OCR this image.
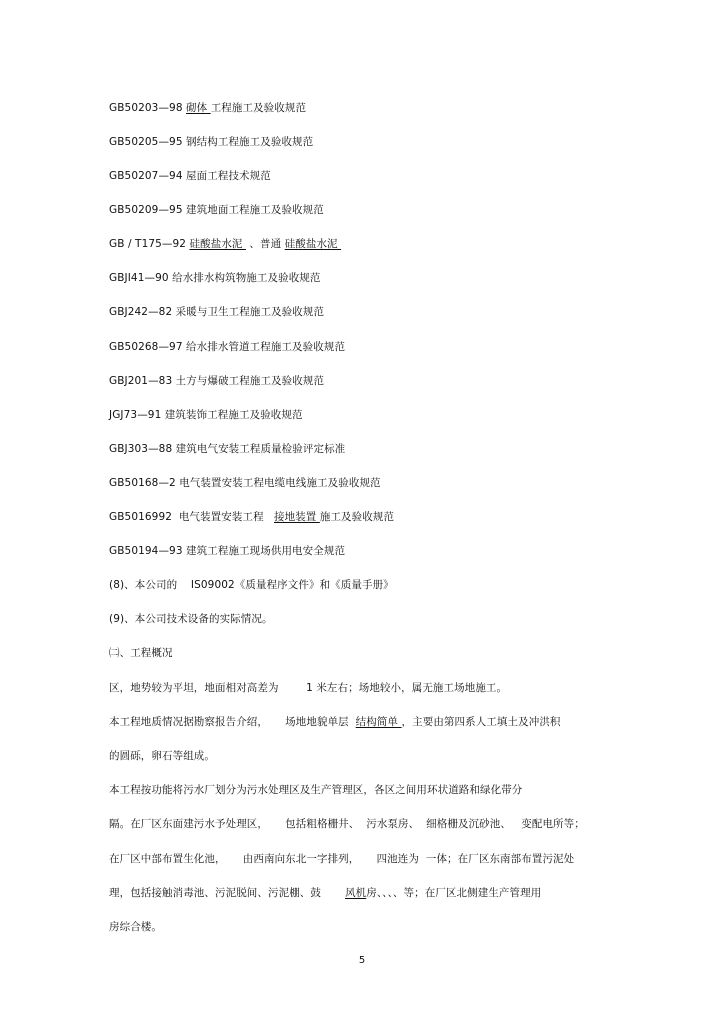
GB50203—98 砌体 工程施工及验收规范
GB50205—95 钢结构工程施工及验收规范
GB50207—94 屋面工程技术规范
GB50209—95 建筑地面工程施工及验收规范
GB / T175—92 硅酸盐水泥  、普通 硅酸盐水泥
GBJI41—90 给水排水构筑物施工及验收规范
GBJ242—82 采暖与卫生工程施工及验收规范
GB50268—97 给水排水管道工程施工及验收规范
GBJ201—83 土方与爆破工程施工及验收规范
JGJ73—91 建筑装饰工程施工及验收规范
GBJ303—88 建筑电气安装工程质量检验评定标准
GB50168—2 电气装置安装工程电缆电线施工及验收规范
GB5016992  电气装置安装工程   接地装置 施工及验收规范
GB50194—93 建筑工程施工现场供用电安全规范
(8)、本公司的    IS09002《质量程序文件》和《质量手册》
(9)、本公司技术设备的实际情况。
㈡、工程概况
区，地势较为平坦，地面相对高差为        1 米左右；场地较小，属无施工场地施工。
本工程地质情况据勘察报告介绍，     场地地貌单层  结构简单 ，主要由第四系人工填土及冲洪积
的圆砾，卵石等组成。
本工程按功能将污水厂划分为污水处理区及生产管理区，各区之间用环状道路和绿化带分
隔。在厂区东面建污水予处理区，     包括粗格栅井、  污水泵房、  细格栅及沉砂池、   变配电所等；
在厂区中部布置生化池，     由西南向东北一字排列，     四池连为  一体；在厂区东南部布置污泥处
理，包括接触消毒池、污泥脱间、污泥棚、鼓       风机房、、、、等；在厂区北侧建生产管理用
房综合楼。
5
